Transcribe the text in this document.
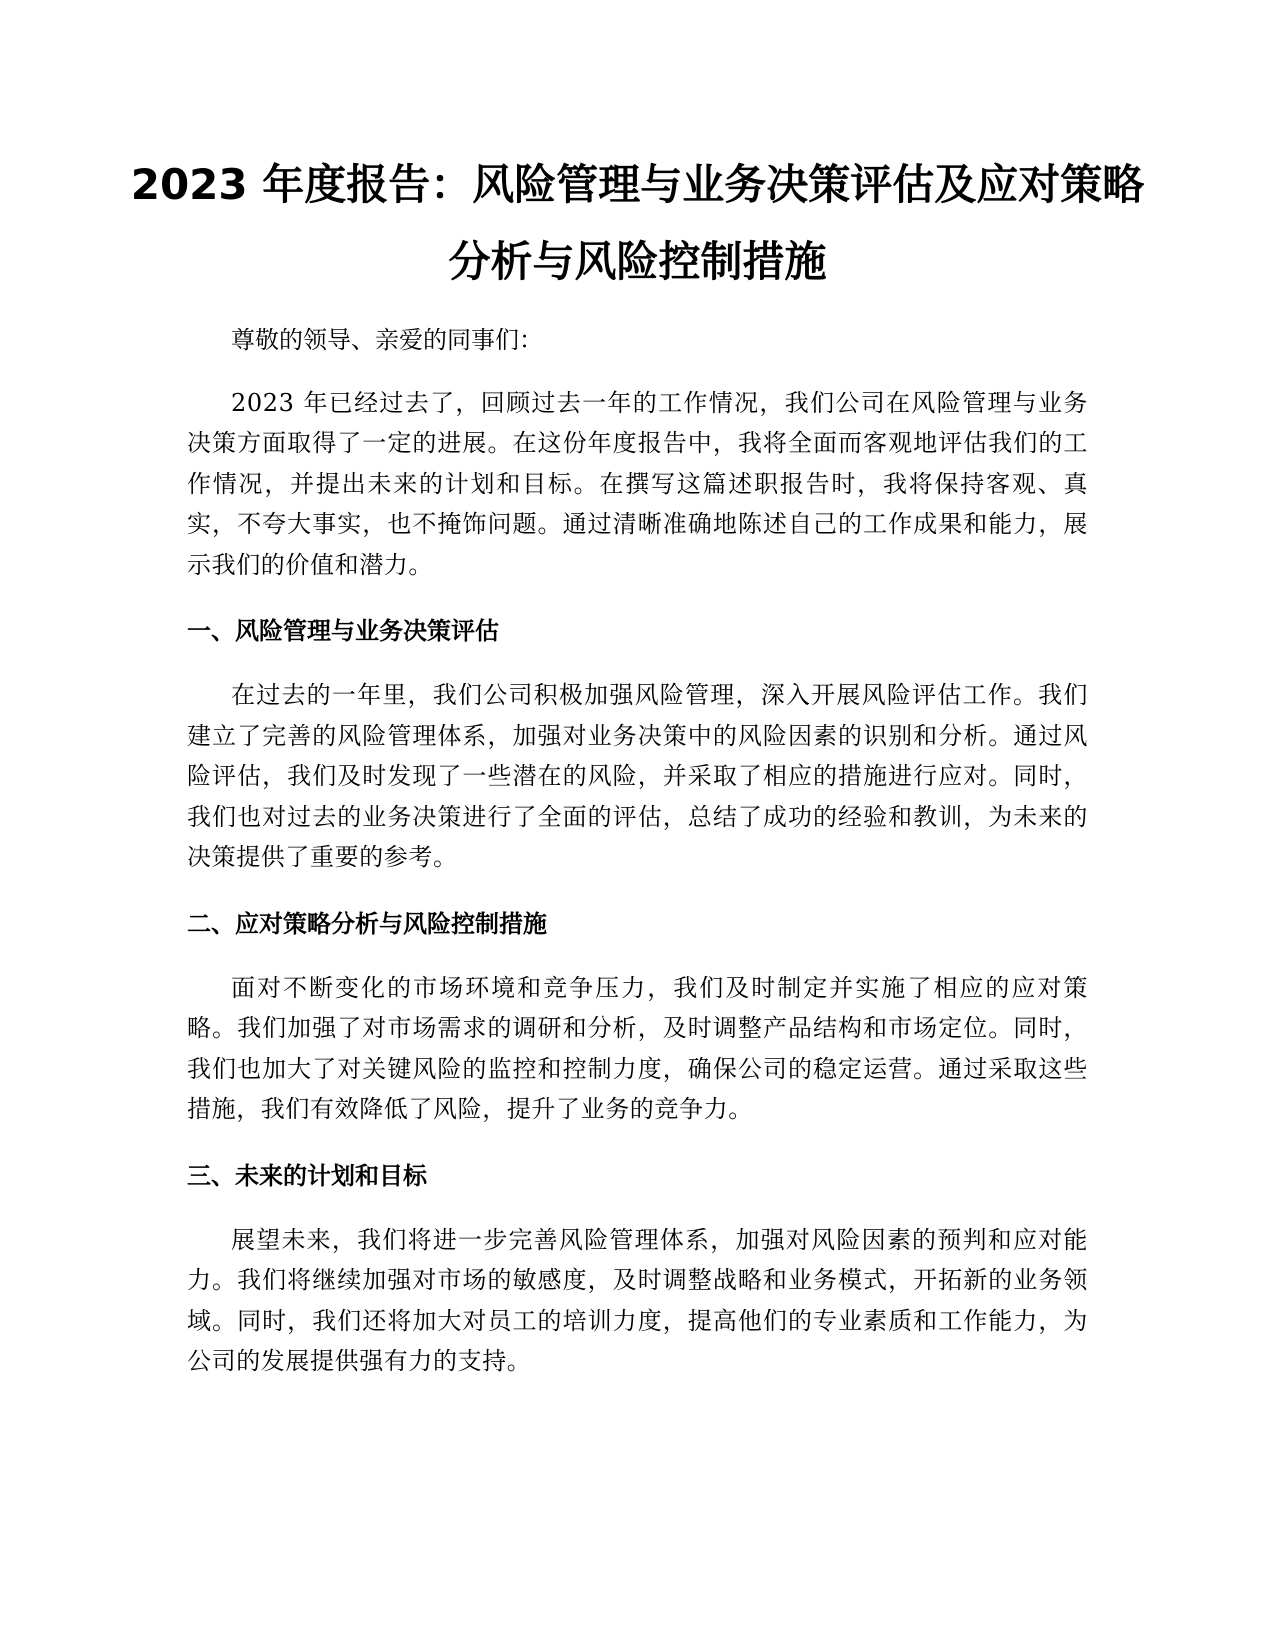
2023 年度报告：风险管理与业务决策评估及应对策略分析与风险控制措施

尊敬的领导、亲爱的同事们：

2023 年已经过去了，回顾过去一年的工作情况，我们公司在风险管理与业务决策方面取得了一定的进展。在这份年度报告中，我将全面而客观地评估我们的工作情况，并提出未来的计划和目标。在撰写这篇述职报告时，我将保持客观、真实，不夸大事实，也不掩饰问题。通过清晰准确地陈述自己的工作成果和能力，展示我们的价值和潜力。

一、风险管理与业务决策评估

在过去的一年里，我们公司积极加强风险管理，深入开展风险评估工作。我们建立了完善的风险管理体系，加强对业务决策中的风险因素的识别和分析。通过风险评估，我们及时发现了一些潜在的风险，并采取了相应的措施进行应对。同时，我们也对过去的业务决策进行了全面的评估，总结了成功的经验和教训，为未来的决策提供了重要的参考。

二、应对策略分析与风险控制措施

面对不断变化的市场环境和竞争压力，我们及时制定并实施了相应的应对策略。我们加强了对市场需求的调研和分析，及时调整产品结构和市场定位。同时，我们也加大了对关键风险的监控和控制力度，确保公司的稳定运营。通过采取这些措施，我们有效降低了风险，提升了业务的竞争力。

三、未来的计划和目标

展望未来，我们将进一步完善风险管理体系，加强对风险因素的预判和应对能力。我们将继续加强对市场的敏感度，及时调整战略和业务模式，开拓新的业务领域。同时，我们还将加大对员工的培训力度，提高他们的专业素质和工作能力，为公司的发展提供强有力的支持。
